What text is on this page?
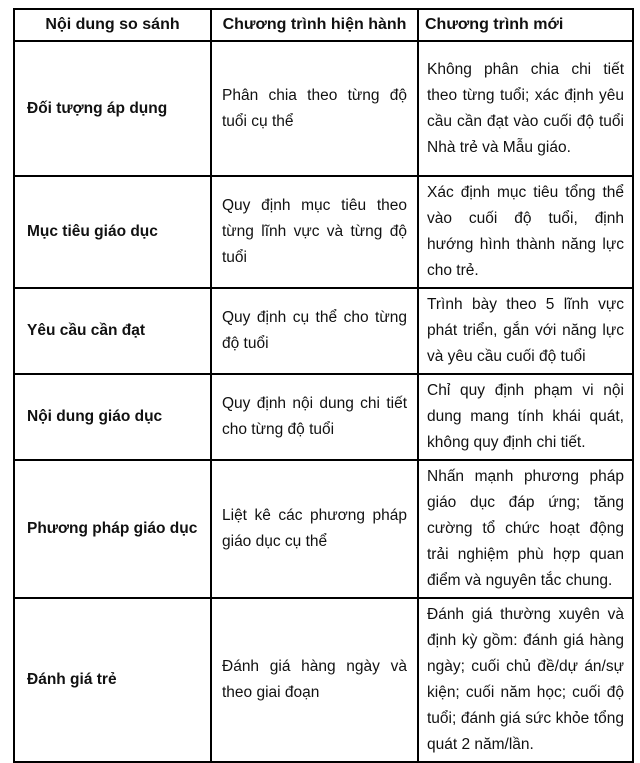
Nội dung so sánh	Chương trình hiện hành	Chương trình mới
Đối tượng áp dụng	Phân chia theo từng độ tuổi cụ thể	Không phân chia chi tiết theo từng tuổi; xác định yêu cầu cần đạt vào cuối độ tuổi Nhà trẻ và Mẫu giáo.
Mục tiêu giáo dục	Quy định mục tiêu theo từng lĩnh vực và từng độ tuổi	Xác định mục tiêu tổng thể vào cuối độ tuổi, định hướng hình thành năng lực cho trẻ.
Yêu cầu cần đạt	Quy định cụ thể cho từng độ tuổi	Trình bày theo 5 lĩnh vực phát triển, gắn với năng lực và yêu cầu cuối độ tuổi
Nội dung giáo dục	Quy định nội dung chi tiết cho từng độ tuổi	Chỉ quy định phạm vi nội dung mang tính khái quát, không quy định chi tiết.
Phương pháp giáo dục	Liệt kê các phương pháp giáo dục cụ thể	Nhấn mạnh phương pháp giáo dục đáp ứng; tăng cường tổ chức hoạt động trải nghiệm phù hợp quan điểm và nguyên tắc chung.
Đánh giá trẻ	Đánh giá hàng ngày và theo giai đoạn	Đánh giá thường xuyên và định kỳ gồm: đánh giá hàng ngày; cuối chủ đề/dự án/sự kiện; cuối năm học; cuối độ tuổi; đánh giá sức khỏe tổng quát 2 năm/lần.
